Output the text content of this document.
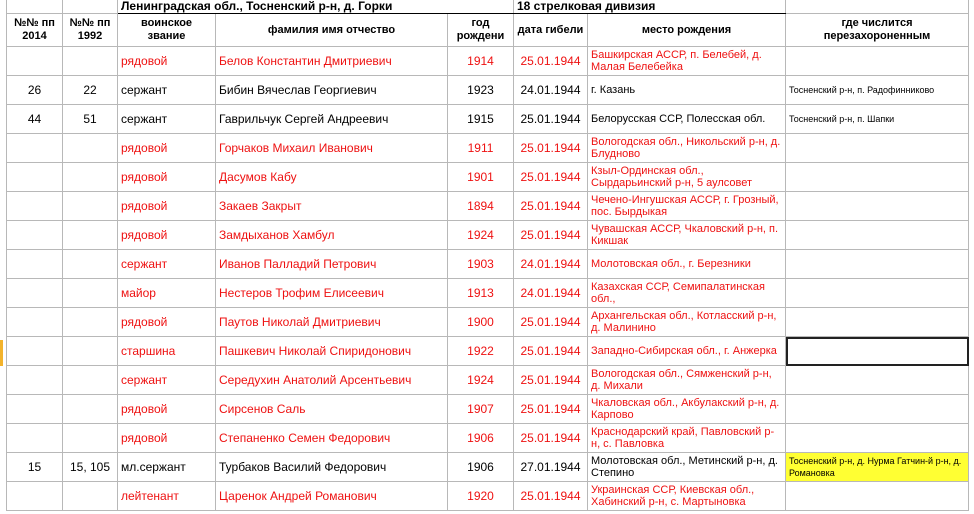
		Ленинградская обл., Тосненский р-н, д. Горки			18 стрелковая дивизия		
№№ пп 2014	№№ пп 1992	воинское звание	фамилия имя отчество	год рождени	дата гибели	место рождения	где числится перезахороненным
		рядовой	Белов Константин Дмитриевич	1914	25.01.1944	Башкирская АССР, п. Белебей, д. Малая Белебейка	
26	22	сержант	Бибин Вячеслав Георгиевич	1923	24.01.1944	г. Казань	Тосненский р-н, п. Радофинниково
44	51	сержант	Гаврильчук Сергей Андреевич	1915	25.01.1944	Белорусская ССР, Полесская обл.	Тосненский р-н, п. Шапки
		рядовой	Горчаков Михаил Иванович	1911	25.01.1944	Вологодская обл., Никольский р-н, д. Блудново	
		рядовой	Дасумов Кабу	1901	25.01.1944	Кзыл-Ординская обл., Сырдарьинский р-н, 5 аулсовет	
		рядовой	Закаев Закрыт	1894	25.01.1944	Чечено-Ингушская АССР, г. Грозный, пос. Бырдыкая	
		рядовой	Замдыханов Хамбул	1924	25.01.1944	Чувашская АССР, Чкаловский р-н, п. Кикшак	
		сержант	Иванов Палладий Петрович	1903	24.01.1944	Молотовская обл., г. Березники	
		майор	Нестеров Трофим Елисеевич	1913	24.01.1944	Казахская ССР, Семипалатинская обл.,	
		рядовой	Паутов Николай Дмитриевич	1900	25.01.1944	Архангельская обл., Котласский р-н, д. Малинино	
		старшина	Пашкевич Николай Спиридонович	1922	25.01.1944	Западно-Сибирская обл., г. Анжерка	
		сержант	Середухин Анатолий Арсентьевич	1924	25.01.1944	Вологодская обл., Сямженский р-н, д. Михали	
		рядовой	Сирсенов Саль	1907	25.01.1944	Чкаловская обл., Акбулакский р-н, д. Карпово	
		рядовой	Степаненко Семен Федорович	1906	25.01.1944	Краснодарский край, Павловский р-н, с. Павловка	
15	15, 105	мл.сержант	Турбаков Василий Федорович	1906	27.01.1944	Молотовская обл., Метинский р-н, д. Степино	Тосненский р-н, д. Нурма Гатчин-й р-н, д. Романовка
		лейтенант	Царенок Андрей Романович	1920	25.01.1944	Украинская ССР, Киевская обл., Хабинский р-н, с. Мартыновка	
